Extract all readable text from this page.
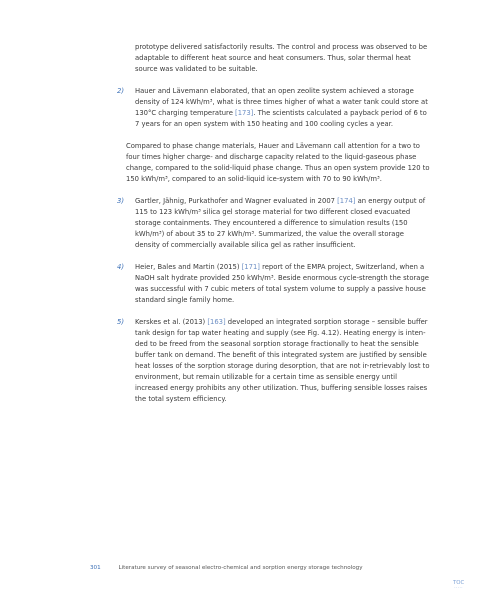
prototype delivered satisfactorily results. The control and process was observed to be adaptable to different heat source and heat consumers. Thus, solar thermal heat source was validated to be suitable.

2) Hauer and Lävemann elaborated, that an open zeolite system achieved a storage density of 124 kWh/m³, what is three times higher of what a water tank could store at 130°C charging temperature [173]. The scientists calculated a payback period of 6 to 7 years for an open system with 150 heating and 100 cooling cycles a year.

Compared to phase change materials, Hauer and Lävemann call attention for a two to four times higher charge- and discharge capacity related to the liquid-gaseous phase change, compared to the solid-liquid phase change. Thus an open system provide 120 to 150 kWh/m³, compared to an solid-liquid ice-system with 70 to 90 kWh/m³.

3) Gartler, Jähnig, Purkathofer and Wagner evaluated in 2007 [174] an energy output of 115 to 123 kWh/m³ silica gel storage material for two different closed evacuated storage containments. They encountered a difference to simulation results (150 kWh/m³) of about 35 to 27 kWh/m³. Summarized, the value the overall storage density of commercially available silica gel as rather insufficient.

4) Heier, Bales and Martin (2015) [171] report of the EMPA project, Switzerland, when a NaOH salt hydrate provided 250 kWh/m³. Beside enormous cycle-strength the storage was successful with 7 cubic meters of total system volume to supply a passive house standard single family home.

5) Kerskes et al. (2013) [163] developed an integrated sorption storage – sensible buffer tank design for tap water heating and supply (see Fig. 4.12). Heating energy is inten-ded to be freed from the seasonal sorption storage fractionally to heat the sensible buffer tank on demand. The benefit of this integrated system are justified by sensible heat losses of the sorption storage during desorption, that are not ir-retrievably lost to environment, but remain utilizable for a certain time as sensible energy until increased energy prohibits any other utilization. Thus, buffering sensible losses raises the total system efficiency.

301	Literature survey of seasonal electro-chemical and sorption energy storage technology
TOC
·····
